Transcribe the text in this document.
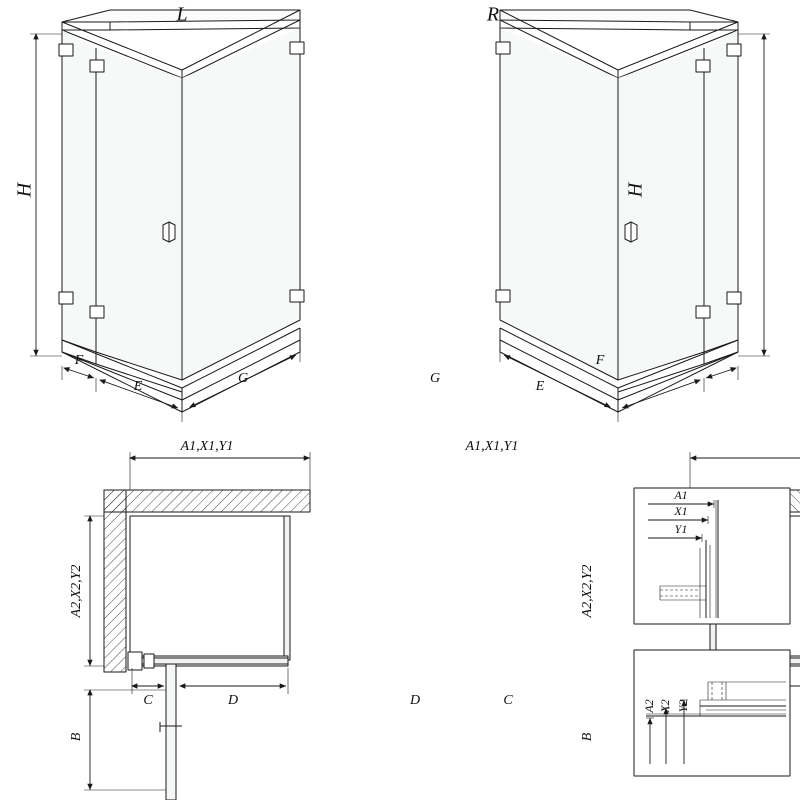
L	R
H	H
F
E
G	G
E
F
A1,X1,Y1	A1,X1,Y1
A2,X2,Y2	A2,X2,Y2
C	D	D	C
B	B
A1
X1
Y1
A2 X2 Y2
